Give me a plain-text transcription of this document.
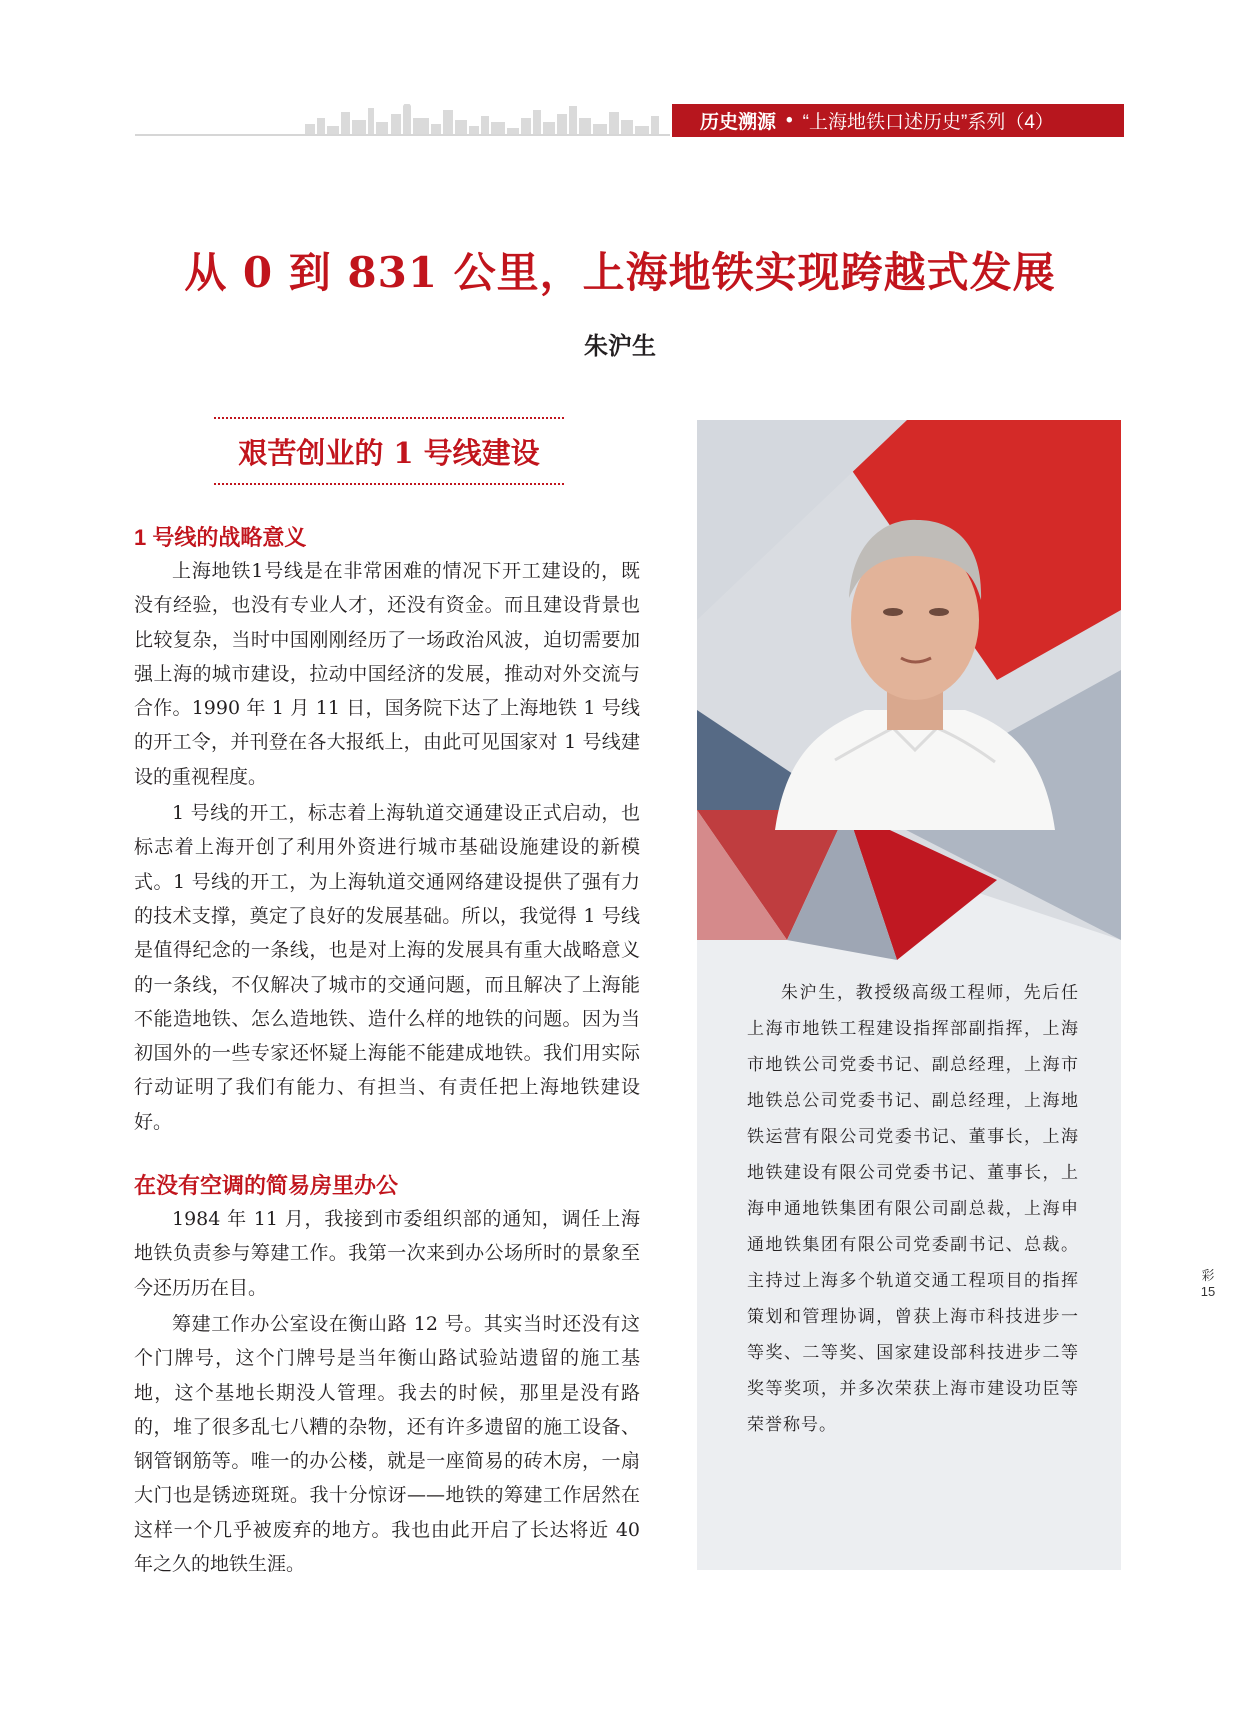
历史溯源 • “上海地铁口述历史”系列（4）
从 0 到 831 公里，上海地铁实现跨越式发展
朱沪生
艰苦创业的 1 号线建设
1 号线的战略意义

上海地铁1号线是在非常困难的情况下开工建设的，既没有经验，也没有专业人才，还没有资金。而且建设背景也比较复杂，当时中国刚刚经历了一场政治风波，迫切需要加强上海的城市建设，拉动中国经济的发展，推动对外交流与合作。1990 年 1 月 11 日，国务院下达了上海地铁 1 号线的开工令，并刊登在各大报纸上，由此可见国家对 1 号线建设的重视程度。

1 号线的开工，标志着上海轨道交通建设正式启动，也标志着上海开创了利用外资进行城市基础设施建设的新模式。1 号线的开工，为上海轨道交通网络建设提供了强有力的技术支撑，奠定了良好的发展基础。所以，我觉得 1 号线是值得纪念的一条线，也是对上海的发展具有重大战略意义的一条线，不仅解决了城市的交通问题，而且解决了上海能不能造地铁、怎么造地铁、造什么样的地铁的问题。因为当初国外的一些专家还怀疑上海能不能建成地铁。我们用实际行动证明了我们有能力、有担当、有责任把上海地铁建设好。

在没有空调的简易房里办公

1984 年 11 月，我接到市委组织部的通知，调任上海地铁负责参与筹建工作。我第一次来到办公场所时的景象至今还历历在目。

筹建工作办公室设在衡山路 12 号。其实当时还没有这个门牌号，这个门牌号是当年衡山路试验站遗留的施工基地，这个基地长期没人管理。我去的时候，那里是没有路的，堆了很多乱七八糟的杂物，还有许多遗留的施工设备、钢管钢筋等。唯一的办公楼，就是一座简易的砖木房，一扇大门也是锈迹斑斑。我十分惊讶——地铁的筹建工作居然在这样一个几乎被废弃的地方。我也由此开启了长达将近 40 年之久的地铁生涯。

朱沪生，教授级高级工程师，先后任上海市地铁工程建设指挥部副指挥，上海市地铁公司党委书记、副总经理，上海市地铁总公司党委书记、副总经理，上海地铁运营有限公司党委书记、董事长，上海地铁建设有限公司党委书记、董事长，上海申通地铁集团有限公司副总裁，上海申通地铁集团有限公司党委副书记、总裁。主持过上海多个轨道交通工程项目的指挥策划和管理协调，曾获上海市科技进步一等奖、二等奖、国家建设部科技进步二等奖等奖项，并多次荣获上海市建设功臣等荣誉称号。

彩
15
